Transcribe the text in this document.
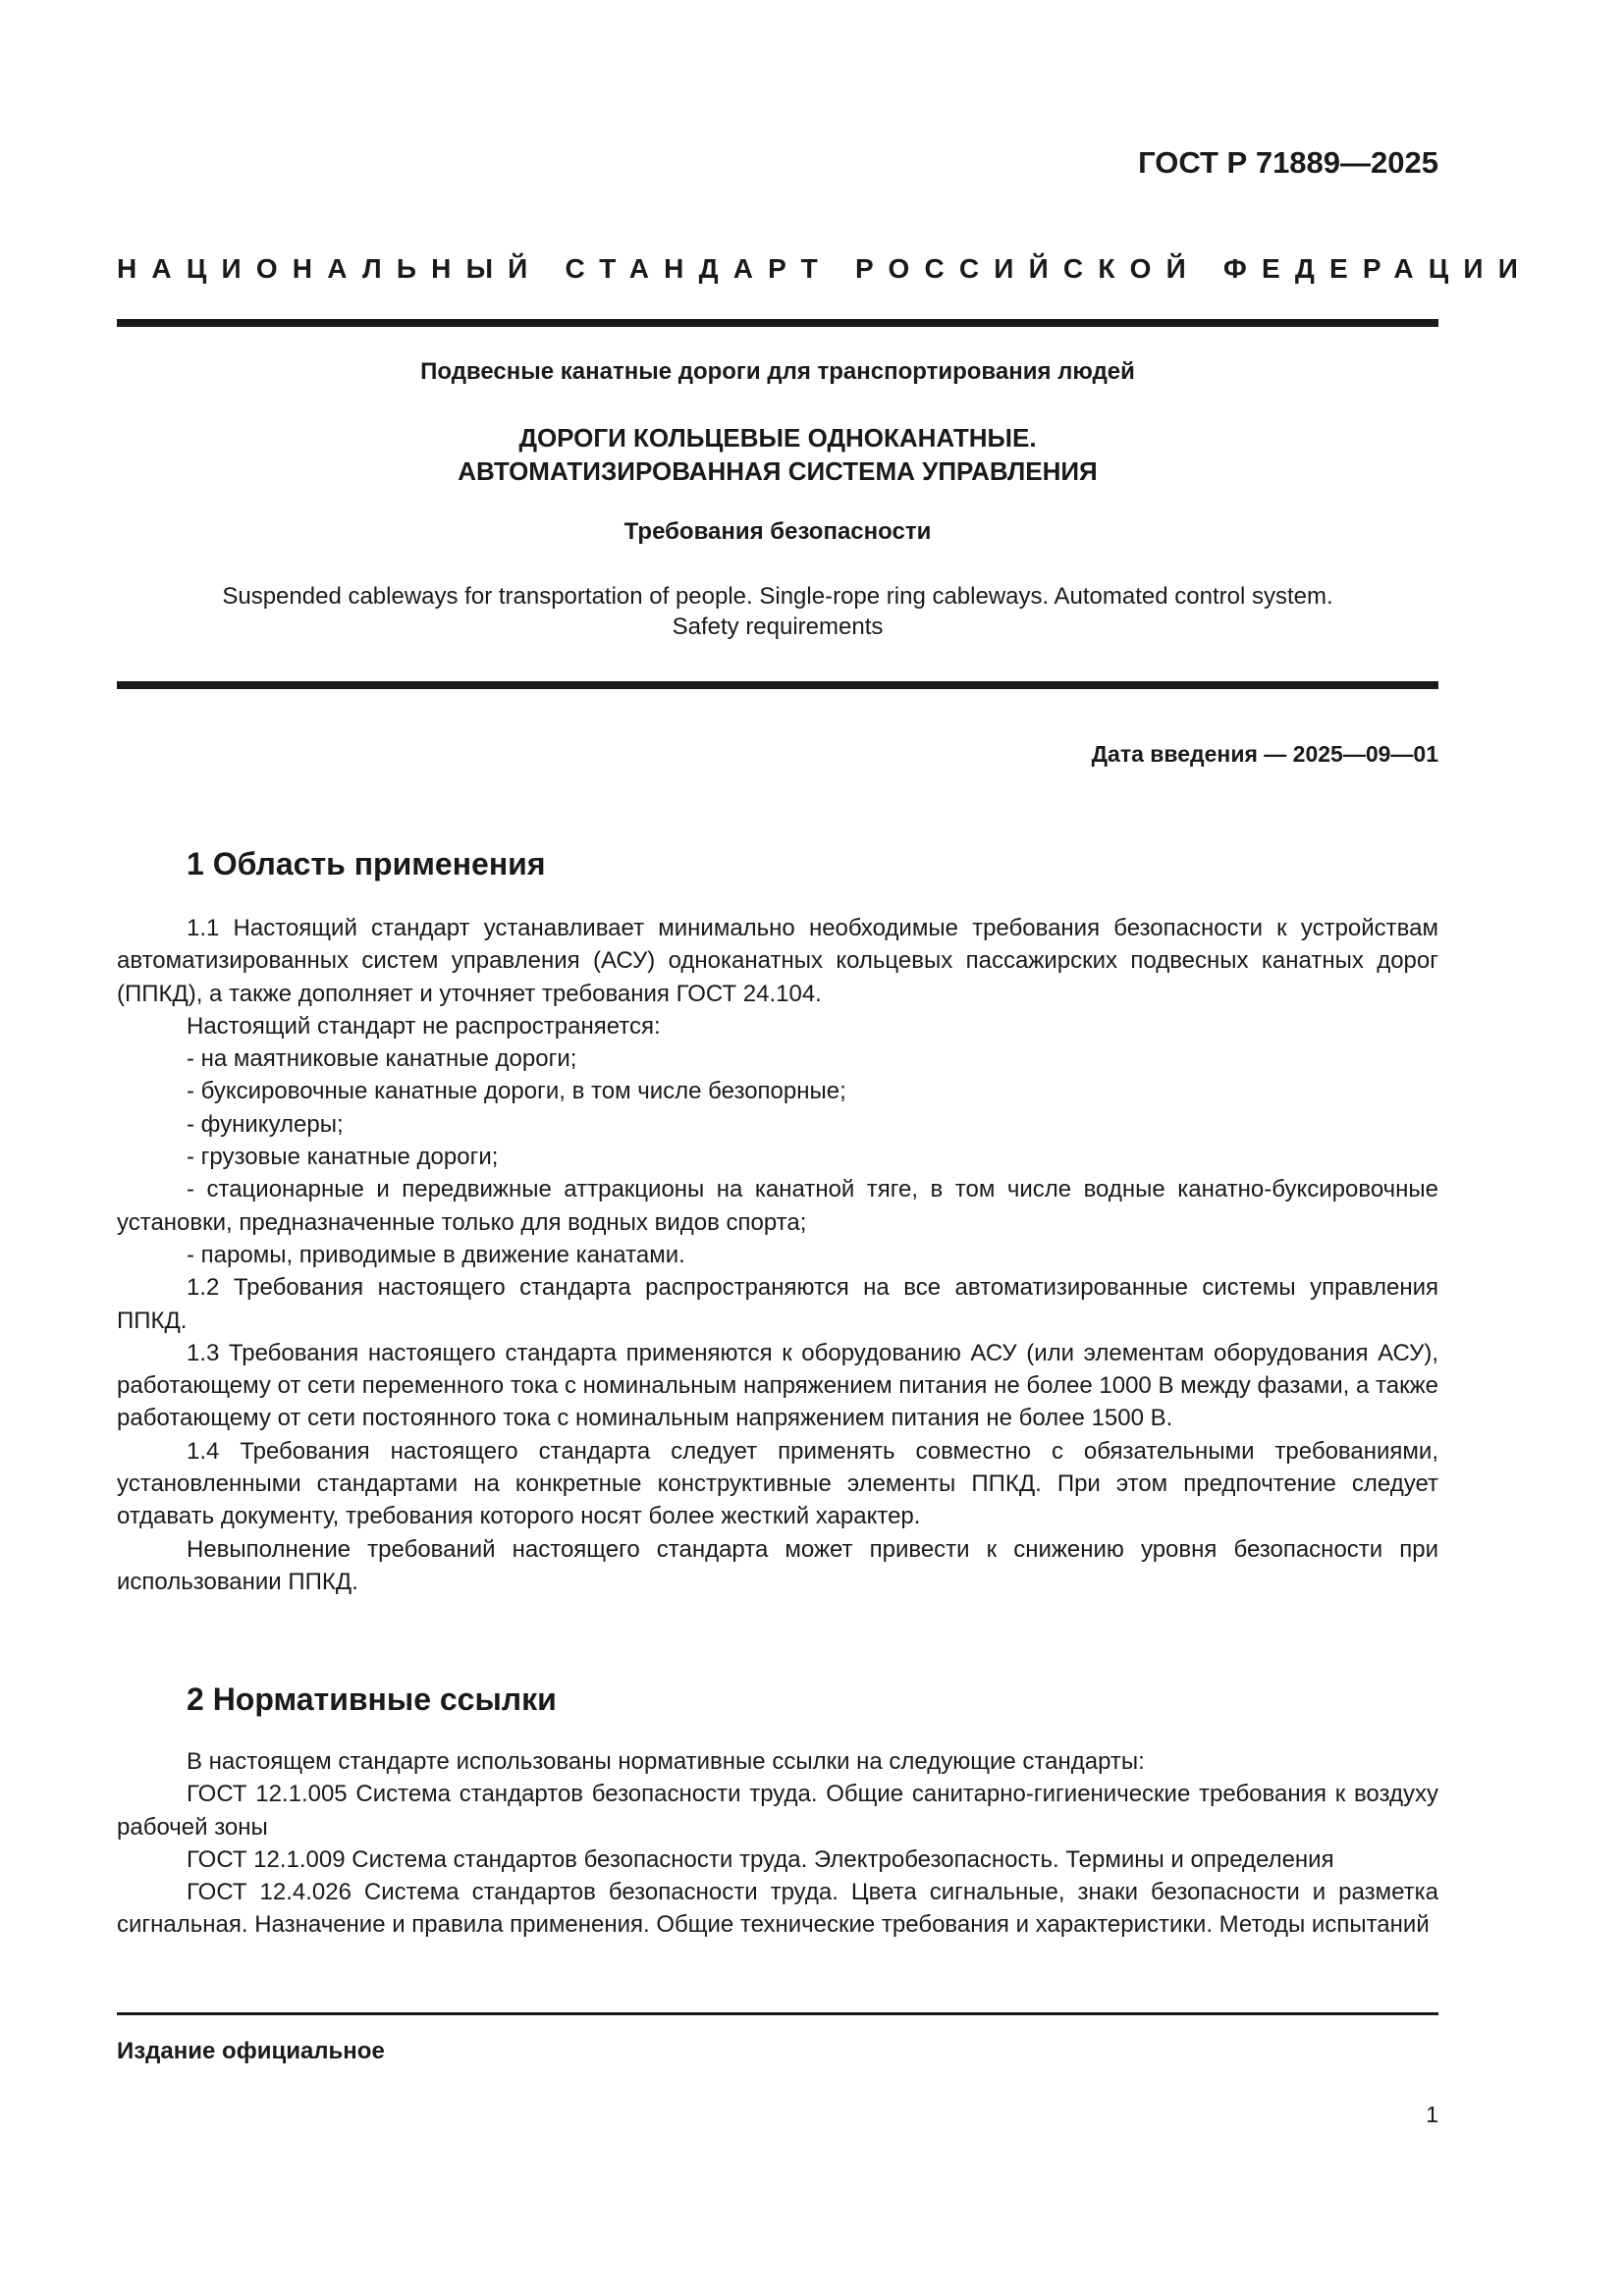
ГОСТ Р 71889—2025
НАЦИОНАЛЬНЫЙ СТАНДАРТ РОССИЙСКОЙ ФЕДЕРАЦИИ
Подвесные канатные дороги для транспортирования людей
ДОРОГИ КОЛЬЦЕВЫЕ ОДНОКАНАТНЫЕ.
АВТОМАТИЗИРОВАННАЯ СИСТЕМА УПРАВЛЕНИЯ
Требования безопасности
Suspended cableways for transportation of people. Single-rope ring cableways. Automated control system.
Safety requirements
Дата введения — 2025—09—01
1 Область применения

1.1 Настоящий стандарт устанавливает минимально необходимые требования безопасности к устройствам автоматизированных систем управления (АСУ) одноканатных кольцевых пассажирских подвесных канатных дорог (ППКД), а также дополняет и уточняет требования ГОСТ 24.104.

Настоящий стандарт не распространяется:

- на маятниковые канатные дороги;

- буксировочные канатные дороги, в том числе безопорные;

- фуникулеры;

- грузовые канатные дороги;

- стационарные и передвижные аттракционы на канатной тяге, в том числе водные канатно-буксировочные установки, предназначенные только для водных видов спорта;

- паромы, приводимые в движение канатами.

1.2 Требования настоящего стандарта распространяются на все автоматизированные системы управления ППКД.

1.3 Требования настоящего стандарта применяются к оборудованию АСУ (или элементам оборудования АСУ), работающему от сети переменного тока с номинальным напряжением питания не более 1000 В между фазами, а также работающему от сети постоянного тока с номинальным напряжением питания не более 1500 В.

1.4 Требования настоящего стандарта следует применять совместно с обязательными требованиями, установленными стандартами на конкретные конструктивные элементы ППКД. При этом предпочтение следует отдавать документу, требования которого носят более жесткий характер.

Невыполнение требований настоящего стандарта может привести к снижению уровня безопасности при использовании ППКД.

2 Нормативные ссылки

В настоящем стандарте использованы нормативные ссылки на следующие стандарты:

ГОСТ 12.1.005 Система стандартов безопасности труда. Общие санитарно-гигиенические требования к воздуху рабочей зоны

ГОСТ 12.1.009 Система стандартов безопасности труда. Электробезопасность. Термины и определения

ГОСТ 12.4.026 Система стандартов безопасности труда. Цвета сигнальные, знаки безопасности и разметка сигнальная. Назначение и правила применения. Общие технические требования и характеристики. Методы испытаний

Издание официальное
1
